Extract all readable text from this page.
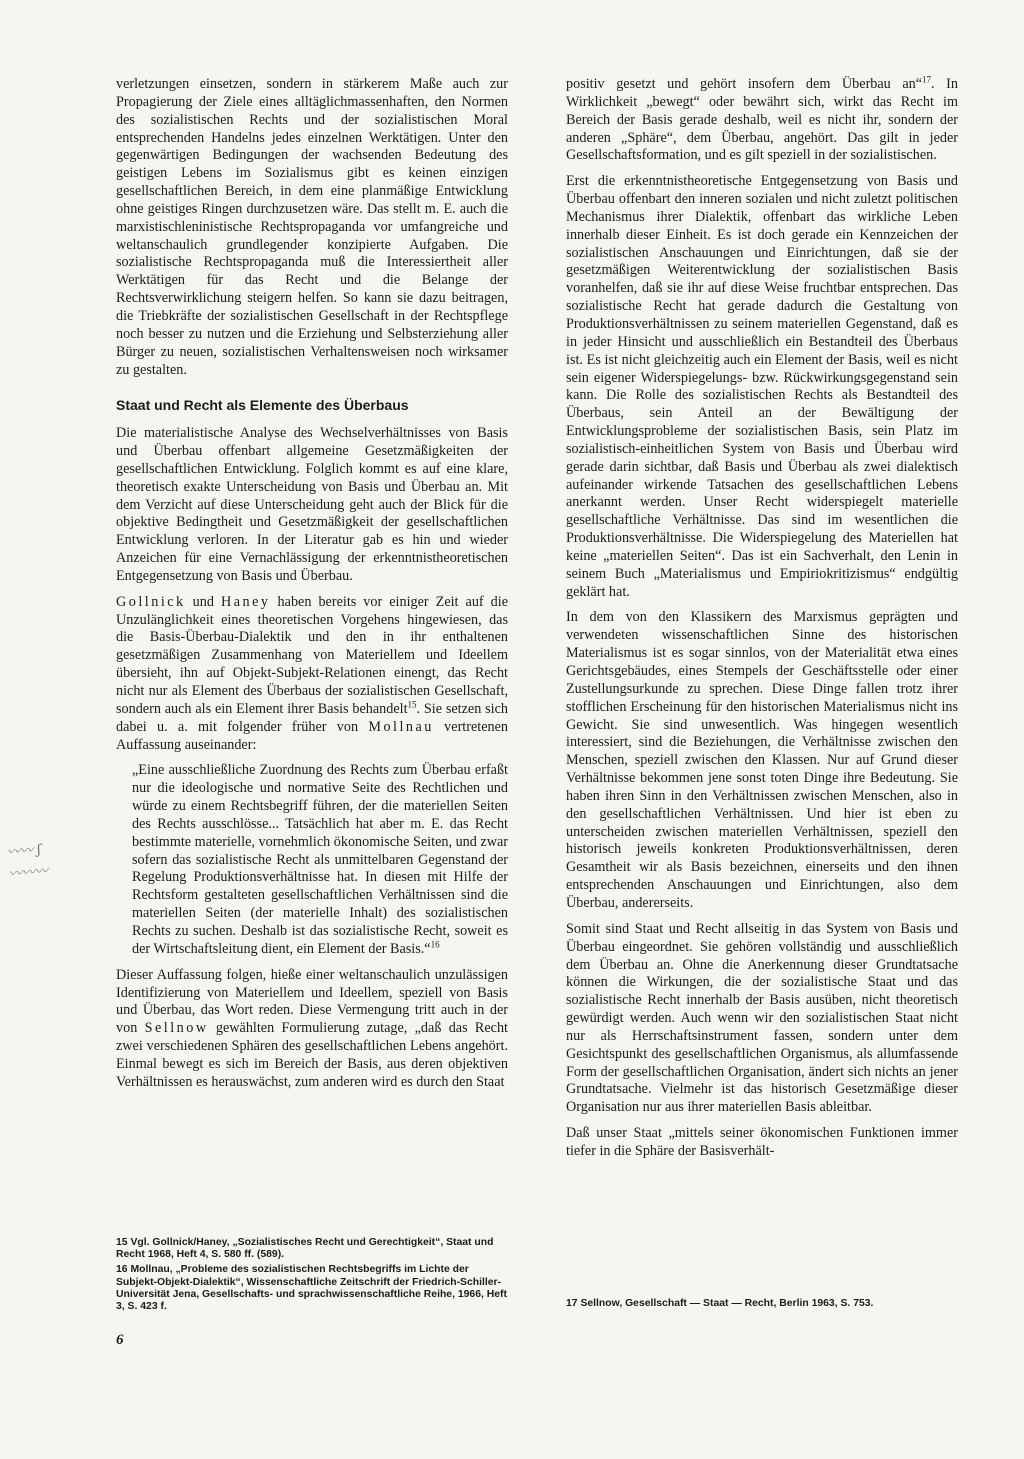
verletzungen einsetzen, sondern in stärkerem Maße auch zur Propagierung der Ziele eines alltäglichmassenhaften, den Normen des sozialistischen Rechts und der sozialistischen Moral entsprechenden Handelns jedes einzelnen Werktätigen. Unter den gegenwärtigen Bedingungen der wachsenden Bedeutung des geistigen Lebens im Sozialismus gibt es keinen einzigen gesellschaftlichen Bereich, in dem eine planmäßige Entwicklung ohne geistiges Ringen durchzusetzen wäre. Das stellt m. E. auch die marxistischleninistische Rechtspropaganda vor umfangreiche und weltanschaulich grundlegender konzipierte Aufgaben. Die sozialistische Rechtspropaganda muß die Interessiertheit aller Werktätigen für das Recht und die Belange der Rechtsverwirklichung steigern helfen. So kann sie dazu beitragen, die Triebkräfte der sozialistischen Gesellschaft in der Rechtspflege noch besser zu nutzen und die Erziehung und Selbsterziehung aller Bürger zu neuen, sozialistischen Verhaltensweisen noch wirksamer zu gestalten.

Staat und Recht als Elemente des Überbaus

Die materialistische Analyse des Wechselverhältnisses von Basis und Überbau offenbart allgemeine Gesetzmäßigkeiten der gesellschaftlichen Entwicklung. Folglich kommt es auf eine klare, theoretisch exakte Unterscheidung von Basis und Überbau an. Mit dem Verzicht auf diese Unterscheidung geht auch der Blick für die objektive Bedingtheit und Gesetzmäßigkeit der gesellschaftlichen Entwicklung verloren. In der Literatur gab es hin und wieder Anzeichen für eine Vernachlässigung der erkenntnistheoretischen Entgegensetzung von Basis und Überbau.

Gollnick und Haney haben bereits vor einiger Zeit auf die Unzulänglichkeit eines theoretischen Vorgehens hingewiesen, das die Basis-Überbau-Dialektik und den in ihr enthaltenen gesetzmäßigen Zusammenhang von Materiellem und Ideellem übersieht, ihn auf Objekt-Subjekt-Relationen einengt, das Recht nicht nur als Element des Überbaus der sozialistischen Gesellschaft, sondern auch als ein Element ihrer Basis behandelt$^{15}$. Sie setzen sich dabei u. a. mit folgender früher von Mollnau vertretenen Auffassung auseinander:

„Eine ausschließliche Zuordnung des Rechts zum Überbau erfaßt nur die ideologische und normative Seite des Rechtlichen und würde zu einem Rechtsbegriff führen, der die materiellen Seiten des Rechts ausschlösse... Tatsächlich hat aber m. E. das Recht bestimmte materielle, vornehmlich ökonomische Seiten, und zwar sofern das sozialistische Recht als unmittelbaren Gegenstand der Regelung Produktionsverhältnisse hat. In diesen mit Hilfe der Rechtsform gestalteten gesellschaftlichen Verhältnissen sind die materiellen Seiten (der materielle Inhalt) des sozialistischen Rechts zu suchen. Deshalb ist das sozialistische Recht, soweit es der Wirtschaftsleitung dient, ein Element der Basis.“$^{16}$

Dieser Auffassung folgen, hieße einer weltanschaulich unzulässigen Identifizierung von Materiellem und Ideellem, speziell von Basis und Überbau, das Wort reden. Diese Vermengung tritt auch in der von Sellnow gewählten Formulierung zutage, „daß das Recht zwei verschiedenen Sphären des gesellschaftlichen Lebens angehört. Einmal bewegt es sich im Bereich der Basis, aus deren objektiven Verhältnissen es herauswächst, zum anderen wird es durch den Staat

positiv gesetzt und gehört insofern dem Überbau an“$^{17}$. In Wirklichkeit „bewegt“ oder bewährt sich, wirkt das Recht im Bereich der Basis gerade deshalb, weil es nicht ihr, sondern der anderen „Sphäre“, dem Überbau, angehört. Das gilt in jeder Gesellschaftsformation, und es gilt speziell in der sozialistischen.

Erst die erkenntnistheoretische Entgegensetzung von Basis und Überbau offenbart den inneren sozialen und nicht zuletzt politischen Mechanismus ihrer Dialektik, offenbart das wirkliche Leben innerhalb dieser Einheit. Es ist doch gerade ein Kennzeichen der sozialistischen Anschauungen und Einrichtungen, daß sie der gesetzmäßigen Weiterentwicklung der sozialistischen Basis voranhelfen, daß sie ihr auf diese Weise fruchtbar entsprechen. Das sozialistische Recht hat gerade dadurch die Gestaltung von Produktionsverhältnissen zu seinem materiellen Gegenstand, daß es in jeder Hinsicht und ausschließlich ein Bestandteil des Überbaus ist. Es ist nicht gleichzeitig auch ein Element der Basis, weil es nicht sein eigener Widerspiegelungs- bzw. Rückwirkungsgegenstand sein kann. Die Rolle des sozialistischen Rechts als Bestandteil des Überbaus, sein Anteil an der Bewältigung der Entwicklungsprobleme der sozialistischen Basis, sein Platz im sozialistisch-einheitlichen System von Basis und Überbau wird gerade darin sichtbar, daß Basis und Überbau als zwei dialektisch aufeinander wirkende Tatsachen des gesellschaftlichen Lebens anerkannt werden. Unser Recht widerspiegelt materielle gesellschaftliche Verhältnisse. Das sind im wesentlichen die Produktionsverhältnisse. Die Widerspiegelung des Materiellen hat keine „materiellen Seiten“. Das ist ein Sachverhalt, den Lenin in seinem Buch „Materialismus und Empiriokritizismus“ endgültig geklärt hat.

In dem von den Klassikern des Marxismus geprägten und verwendeten wissenschaftlichen Sinne des historischen Materialismus ist es sogar sinnlos, von der Materialität etwa eines Gerichtsgebäudes, eines Stempels der Geschäftsstelle oder einer Zustellungsurkunde zu sprechen. Diese Dinge fallen trotz ihrer stofflichen Erscheinung für den historischen Materialismus nicht ins Gewicht. Sie sind unwesentlich. Was hingegen wesentlich interessiert, sind die Beziehungen, die Verhältnisse zwischen den Menschen, speziell zwischen den Klassen. Nur auf Grund dieser Verhältnisse bekommen jene sonst toten Dinge ihre Bedeutung. Sie haben ihren Sinn in den Verhältnissen zwischen Menschen, also in den gesellschaftlichen Verhältnissen. Und hier ist eben zu unterscheiden zwischen materiellen Verhältnissen, speziell den historisch jeweils konkreten Produktionsverhältnissen, deren Gesamtheit wir als Basis bezeichnen, einerseits und den ihnen entsprechenden Anschauungen und Einrichtungen, also dem Überbau, andererseits.

Somit sind Staat und Recht allseitig in das System von Basis und Überbau eingeordnet. Sie gehören vollständig und ausschließlich dem Überbau an. Ohne die Anerkennung dieser Grundtatsache können die Wirkungen, die der sozialistische Staat und das sozialistische Recht innerhalb der Basis ausüben, nicht theoretisch gewürdigt werden. Auch wenn wir den sozialistischen Staat nicht nur als Herrschaftsinstrument fassen, sondern unter dem Gesichtspunkt des gesellschaftlichen Organismus, als allumfassende Form der gesellschaftlichen Organisation, ändert sich nichts an jener Grundtatsache. Vielmehr ist das historisch Gesetzmäßige dieser Organisation nur aus ihrer materiellen Basis ableitbar.

Daß unser Staat „mittels seiner ökonomischen Funktionen immer tiefer in die Sphäre der Basisverhält-

15 Vgl. Gollnick/Haney, „Sozialistisches Recht und Gerechtigkeit“, Staat und Recht 1968, Heft 4, S. 580 ff. (589).
16 Mollnau, „Probleme des sozialistischen Rechtsbegriffs im Lichte der Subjekt-Objekt-Dialektik“, Wissenschaftliche Zeitschrift der Friedrich-Schiller-Universität Jena, Gesellschafts- und sprachwissenschaftliche Reihe, 1966, Heft 3, S. 423 f.	17 Sellnow, Gesellschaft — Staat — Recht, Berlin 1963, S. 753.
6
〰〰 ʃ
〰〰〰
